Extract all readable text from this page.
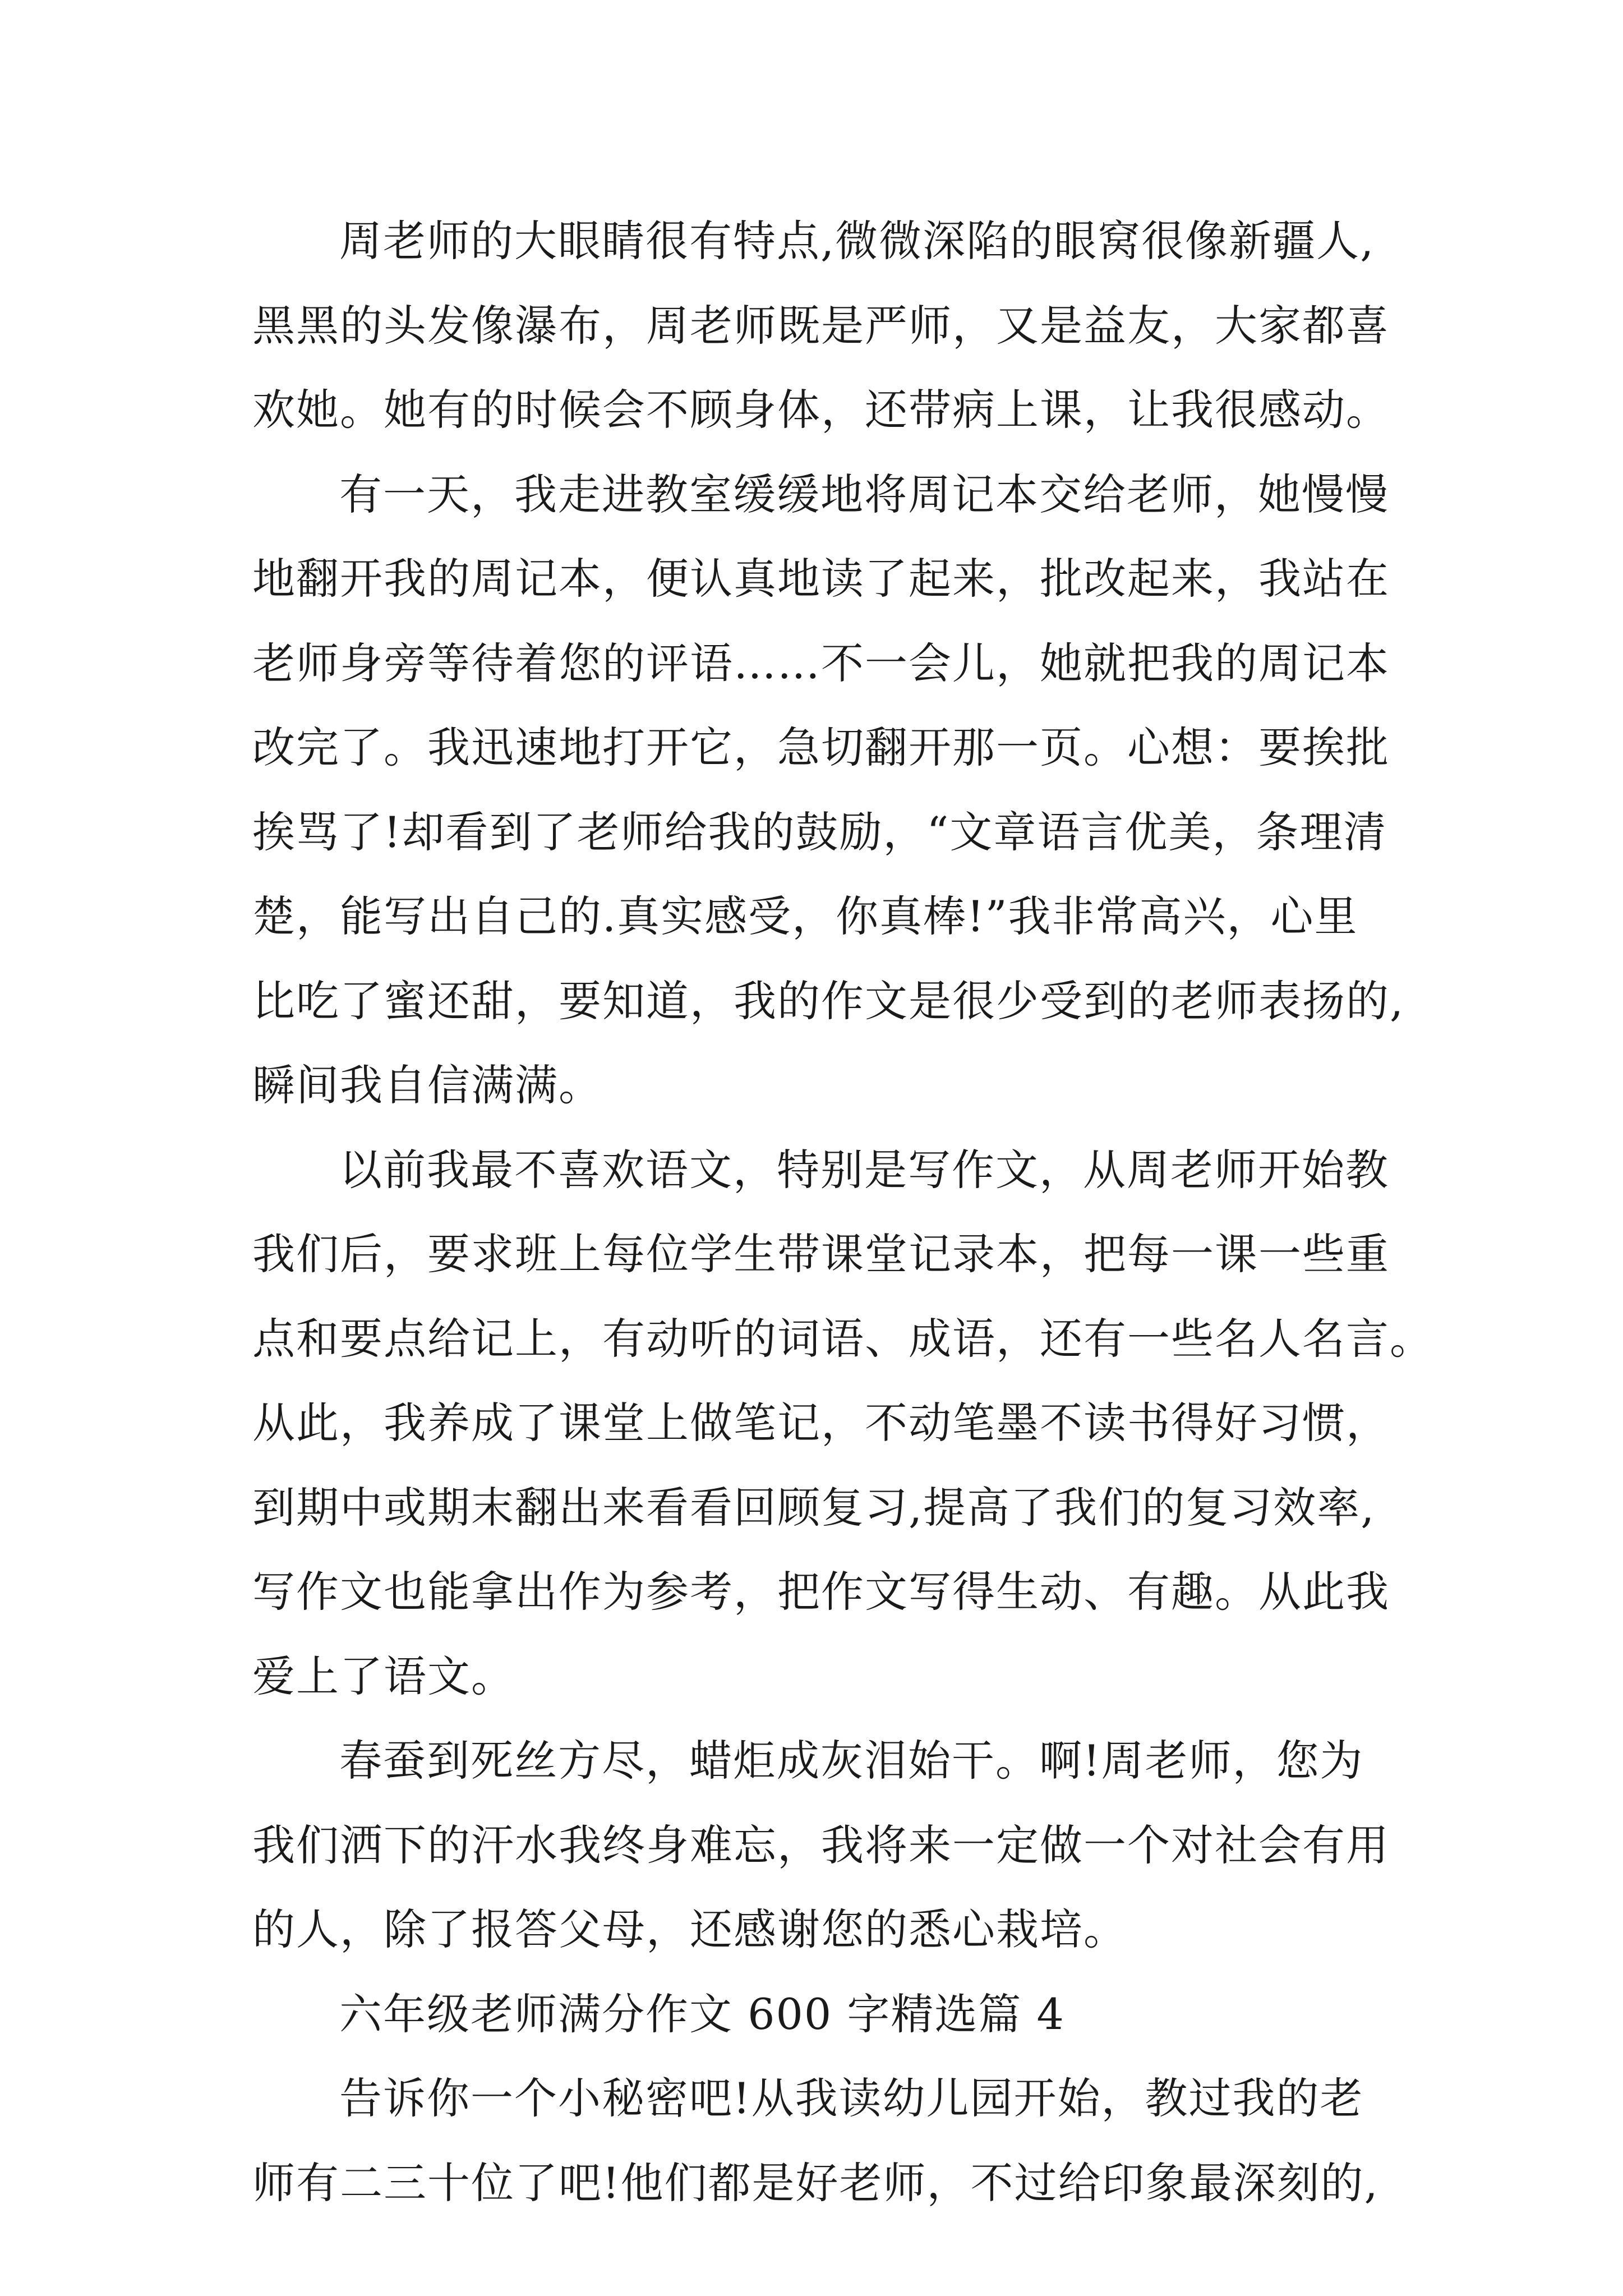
周老师的大眼睛很有特点,微微深陷的眼窝很像新疆人,
黑黑的头发像瀑布，周老师既是严师，又是益友，大家都喜
欢她。她有的时候会不顾身体，还带病上课，让我很感动。
有一天，我走进教室缓缓地将周记本交给老师，她慢慢
地翻开我的周记本，便认真地读了起来，批改起来，我站在
老师身旁等待着您的评语……不一会儿，她就把我的周记本
改完了。我迅速地打开它，急切翻开那一页。心想：要挨批
挨骂了!却看到了老师给我的鼓励，“文章语言优美，条理清
楚，能写出自己的.真实感受，你真棒!”我非常高兴，心里
比吃了蜜还甜，要知道，我的作文是很少受到的老师表扬的,
瞬间我自信满满。
以前我最不喜欢语文，特别是写作文，从周老师开始教
我们后，要求班上每位学生带课堂记录本，把每一课一些重
点和要点给记上，有动听的词语、成语，还有一些名人名言。
从此，我养成了课堂上做笔记，不动笔墨不读书得好习惯，
到期中或期末翻出来看看回顾复习,提高了我们的复习效率,
写作文也能拿出作为参考，把作文写得生动、有趣。从此我
爱上了语文。
春蚕到死丝方尽，蜡炬成灰泪始干。啊!周老师，您为
我们洒下的汗水我终身难忘，我将来一定做一个对社会有用
的人，除了报答父母，还感谢您的悉心栽培。
六年级老师满分作文 600 字精选篇 4
告诉你一个小秘密吧!从我读幼儿园开始，教过我的老
师有二三十位了吧!他们都是好老师，不过给印象最深刻的,
